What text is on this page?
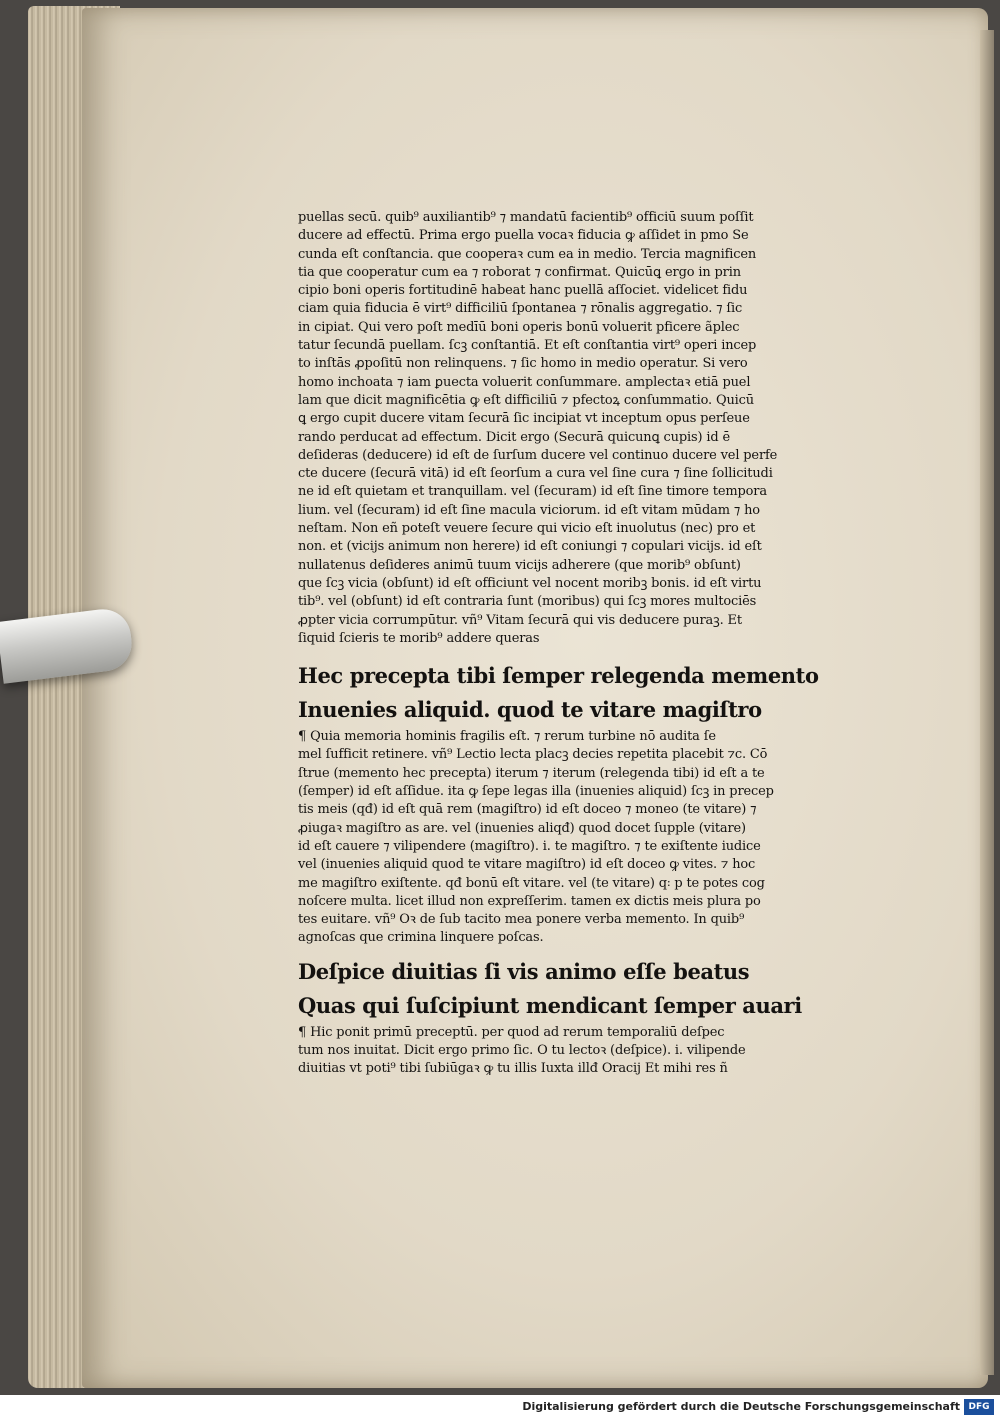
puellas secū. quib⁹ auxiliantib⁹ ⁊ mandatū facientib⁹ officiū suum poſſit
ducere ad effectū. Prima ergo puella vocaꝛ fiducia ꝙ aſſidet in pmo Se
cunda eſt conſtancia. que cooperaꝛ cum ea in medio. Tercia magnificen
tia que cooperatur cum ea ⁊ roborat ⁊ confirmat. Quicūꝗ ergo in prin
cipio boni operis fortitudinē habeat hanc puellā aſſociet. videlicet fidu
ciam quia fiducia ē virt⁹ difficiliū ſpontanea ⁊ rōnalis aggregatio. ⁊ ſic
in cipiat. Qui vero poſt medīū boni operis bonū voluerit pficere ãplec
tatur ſecundā puellam. ſcꝫ conſtantiā. Et eſt conſtantia virt⁹ operi incep
to inſtās ꝓpoſitū non relinquens. ⁊ ſic homo in medio operatur. Si vero
homo inchoata ⁊ iam ꝑuecta voluerit conſummare. amplectaꝛ etiā puel
lam que dicit magnificētia ꝙ eſt difficiliū ⁊ pfectoꝝ conſummatio. Quicū
ꝗ ergo cupit ducere vitam ſecurā ſic incipiat vt inceptum opus perſeue
rando perducat ad effectum. Dicit ergo (Securā quicunꝗ cupis) id ē
deſideras (deducere) id eſt de ſurſum ducere vel continuo ducere vel perfe
cte ducere (ſecurā vitā) id eſt ſeorſum a cura vel ſine cura ⁊ ſine ſollicitudi
ne id eſt quietam et tranquillam. vel (ſecuram) id eſt ſine timore tempora
lium. vel (ſecuram) id eſt ſine macula viciorum. id eſt vitam mūdam ⁊ ho
neſtam. Non eñ poteſt veuere ſecure qui vicio eſt inuolutus (nec) pro et
non. et (vicijs animum non herere) id eſt coniungi ⁊ copulari vicijs. id eſt
nullatenus deſideres animū tuum vicijs adherere (que morib⁹ obſunt)
que ſcꝫ vicia (obſunt) id eſt officiunt vel nocent moribꝫ bonis. id eſt virtu
tib⁹. vel (obſunt) id eſt contraria ſunt (moribus) qui ſcꝫ mores multociēs
ꝓpter vicia corrumpūtur. vñ⁹ Vitam ſecurā qui vis deducere puraꝫ. Et
ſiquid ſcieris te morib⁹ addere queras
Hec precepta tibi ſemper relegenda memento
Inuenies aliquid. quod te vitare magiſtro
¶ Quia memoria hominis fragilis eſt. ⁊ rerum turbine nō audita ſe
mel ſufficit retinere. vñ⁹ Lectio lecta placꝫ decies repetita placebit ⁊c. Cō
ſtrue (memento hec precepta) iterum ⁊ iterum (relegenda tibi) id eſt a te
(ſemper) id eſt aſſidue. ita ꝙ ſepe legas illa (inuenies aliquid) ſcꝫ in precep
tis meis (qđ) id eſt quā rem (magiſtro) id eſt doceo ⁊ moneo (te vitare) ⁊
ꝓiugaꝛ magiſtro as are. vel (inuenies aliqđ) quod docet ſupple (vitare)
id eſt cauere ⁊ vilipendere (magiſtro). i. te magiſtro. ⁊ te exiſtente iudice
vel (inuenies aliquid quod te vitare magiſtro) id eſt doceo ꝙ vites. ⁊ hoc
me magiſtro exiſtente. qđ bonū eſt vitare. vel (te vitare) q꞉ p te potes cog
noſcere multa. licet illud non expreſſerim. tamen ex dictis meis plura po
tes euitare. vñ⁹ Oꝛ de ſub tacito mea ponere verba memento. In quib⁹
agnoſcas que crimina linquere poſcas.
Deſpice diuitias ſi vis animo eſſe beatus
Quas qui ſuſcipiunt mendicant ſemper auari
¶ Hic ponit primū preceptū. per quod ad rerum temporaliū deſpec
tum nos inuitat. Dicit ergo primo ſic. O tu lectoꝛ (deſpice). i. vilipende
diuitias vt poti⁹ tibi ſubiūgaꝛ ꝙ tu illis Iuxta illđ Oracij Et mihi res ñ
Digitalisierung gefördert durch die Deutsche Forschungsgemeinschaft DFG
